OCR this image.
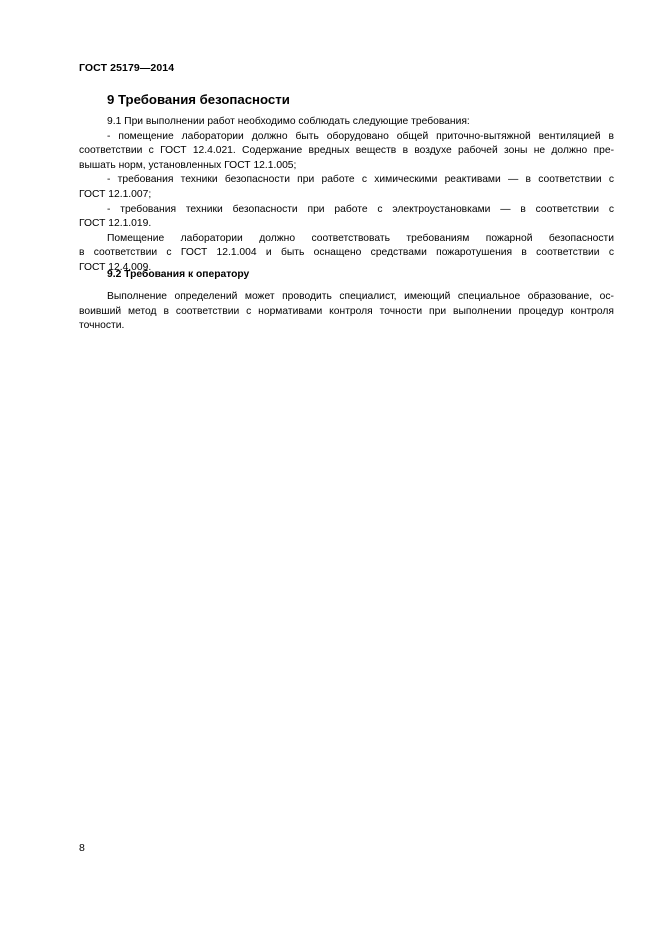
ГОСТ 25179—2014
9 Требования безопасности
9.1 При выполнении работ необходимо соблюдать следующие требования:
- помещение лаборатории должно быть оборудовано общей приточно-вытяжной вентиляцией в
соответствии с ГОСТ 12.4.021. Содержание вредных веществ в воздухе рабочей зоны не должно пре-
вышать норм, установленных ГОСТ 12.1.005;
- требования техники безопасности при работе с химическими реактивами — в соответствии с
ГОСТ 12.1.007;
- требования техники безопасности при работе с электроустановками — в соответствии с
ГОСТ 12.1.019.
Помещение лаборатории должно соответствовать требованиям пожарной безопасности
в соответствии с ГОСТ 12.1.004 и быть оснащено средствами пожаротушения в соответствии с
ГОСТ 12.4.009.
9.2 Требования к оператору
Выполнение определений может проводить специалист, имеющий специальное образование, ос-
воивший метод в соответствии с нормативами контроля точности при выполнении процедур контроля
точности.
8
